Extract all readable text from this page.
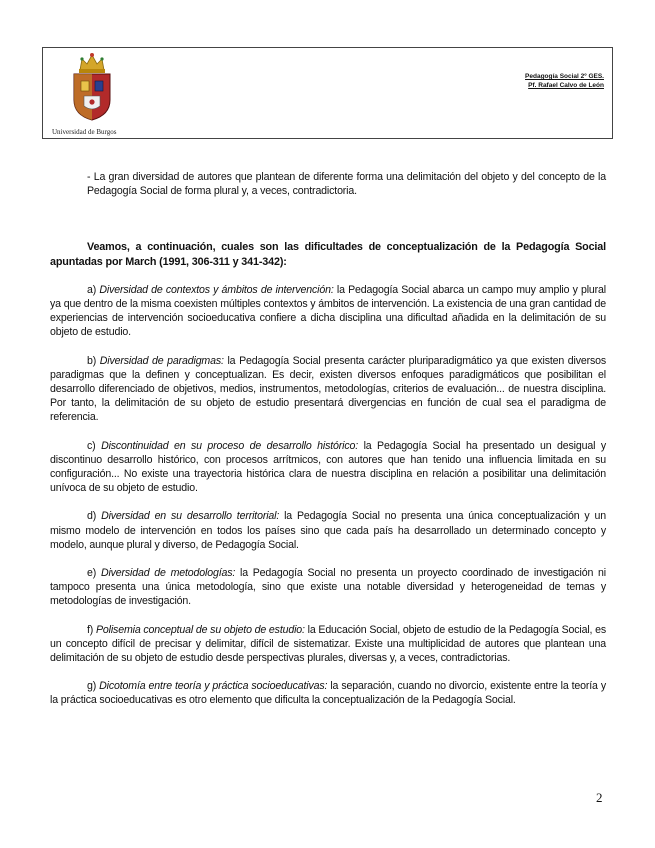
Universidad de Burgos
Pedagogía Social 2º GES.
Pf. Rafael Calvo de León

- La gran diversidad de autores que plantean de diferente forma una delimitación del objeto y del concepto de la Pedagogía Social de forma plural y, a veces, contradictoria.

Veamos, a continuación, cuales son las dificultades de conceptualización de la Pedagogía Social apuntadas por March (1991, 306-311 y 341-342):

a) Diversidad de contextos y ámbitos de intervención: la Pedagogía Social abarca un campo muy amplio y plural ya que dentro de la misma coexisten múltiples contextos y ámbitos de intervención. La existencia de una gran cantidad de experiencias de intervención socioeducativa confiere a dicha disciplina una dificultad añadida en la delimitación de su objeto de estudio.

b) Diversidad de paradigmas: la Pedagogía Social presenta carácter pluriparadigmático ya que existen diversos paradigmas que la definen y conceptualizan. Es decir, existen diversos enfoques paradigmáticos que posibilitan el desarrollo diferenciado de objetivos, medios, instrumentos, metodologías, criterios de evaluación... de nuestra disciplina. Por tanto, la delimitación de su objeto de estudio presentará divergencias en función de cual sea el paradigma de referencia.

c) Discontinuidad en su proceso de desarrollo histórico: la Pedagogía Social ha presentado un desigual y discontinuo desarrollo histórico, con procesos arrítmicos, con autores que han tenido una influencia limitada en su configuración... No existe una trayectoria histórica clara de nuestra disciplina en relación a posibilitar una delimitación unívoca de su objeto de estudio.

d) Diversidad en su desarrollo territorial: la Pedagogía Social no presenta una única conceptualización y un mismo modelo de intervención en todos los países sino que cada país ha desarrollado un determinado concepto y modelo, aunque plural y diverso, de Pedagogía Social.

e) Diversidad de metodologías: la Pedagogía Social no presenta un proyecto coordinado de investigación ni tampoco presenta una única metodología, sino que existe una notable diversidad y heterogeneidad de temas y metodologías de investigación.

f) Polisemia conceptual de su objeto de estudio: la Educación Social, objeto de estudio de la Pedagogía Social, es un concepto difícil de precisar y delimitar, difícil de sistematizar. Existe una multiplicidad de autores que plantean una delimitación de su objeto de estudio desde perspectivas plurales, diversas y, a veces, contradictorias.

g) Dicotomía entre teoría y práctica socioeducativas: la separación, cuando no divorcio, existente entre la teoría y la práctica socioeducativas es otro elemento que dificulta la conceptualización de la Pedagogía Social.

2
